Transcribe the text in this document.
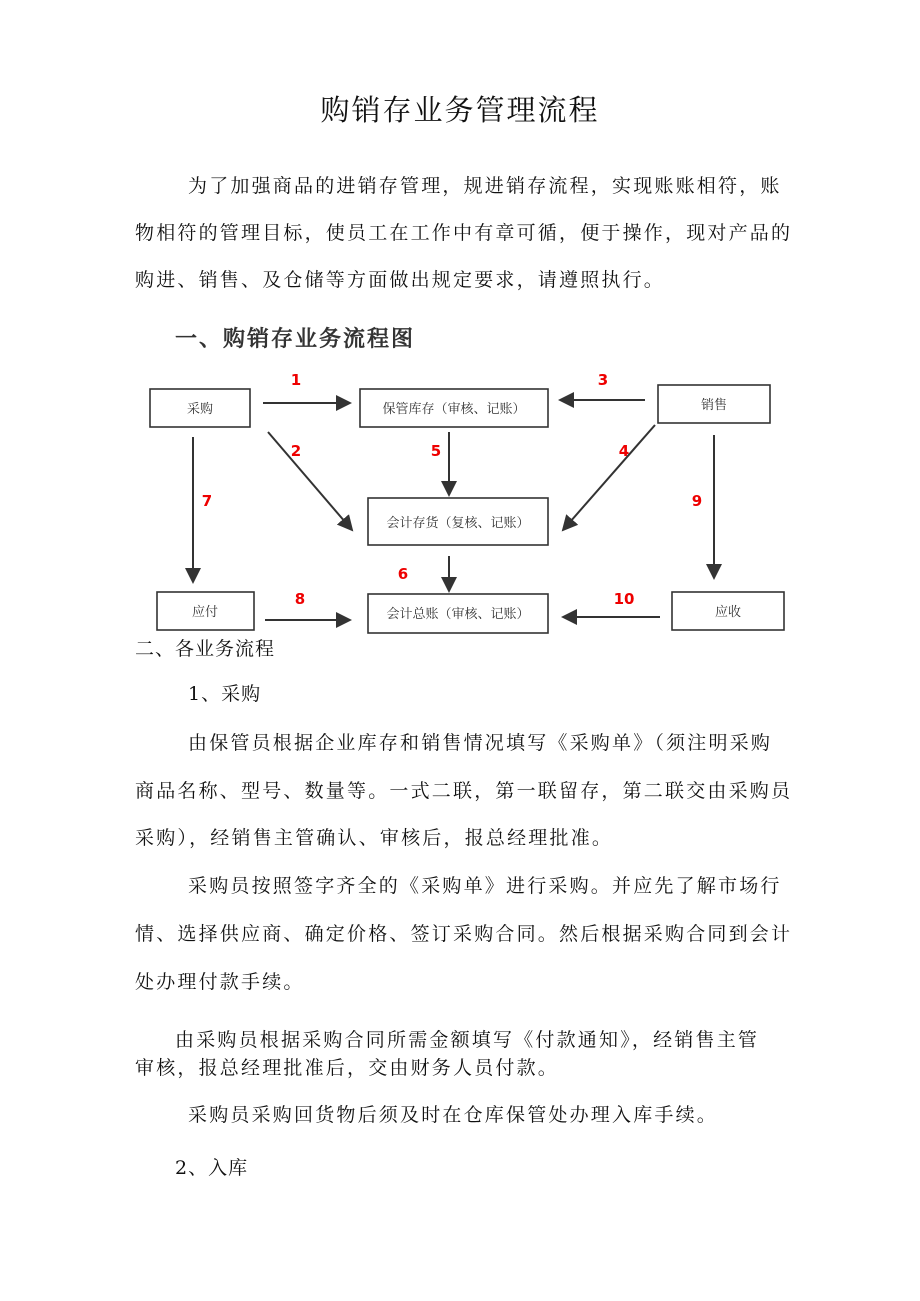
购销存业务管理流程
为了加强商品的进销存管理，规进销存流程，实现账账相符，账
物相符的管理目标，使员工在工作中有章可循，便于操作，现对产品的
购进、销售、及仓储等方面做出规定要求，请遵照执行。
一、购销存业务流程图
采购	保管库存（审核、记账）	销售
会计存货（复核、记账）
应付	会计总账（审核、记账）	应收
1
2
3
4
5
6
7
8
9
10
二、各业务流程
1、采购
由保管员根据企业库存和销售情况填写《采购单》（须注明采购
商品名称、型号、数量等。一式二联，第一联留存，第二联交由采购员
采购），经销售主管确认、审核后，报总经理批准。
采购员按照签字齐全的《采购单》进行采购。并应先了解市场行
情、选择供应商、确定价格、签订采购合同。然后根据采购合同到会计
处办理付款手续。
由采购员根据采购合同所需金额填写《付款通知》，经销售主管
审核，报总经理批准后，交由财务人员付款。
采购员采购回货物后须及时在仓库保管处办理入库手续。
2、入库
